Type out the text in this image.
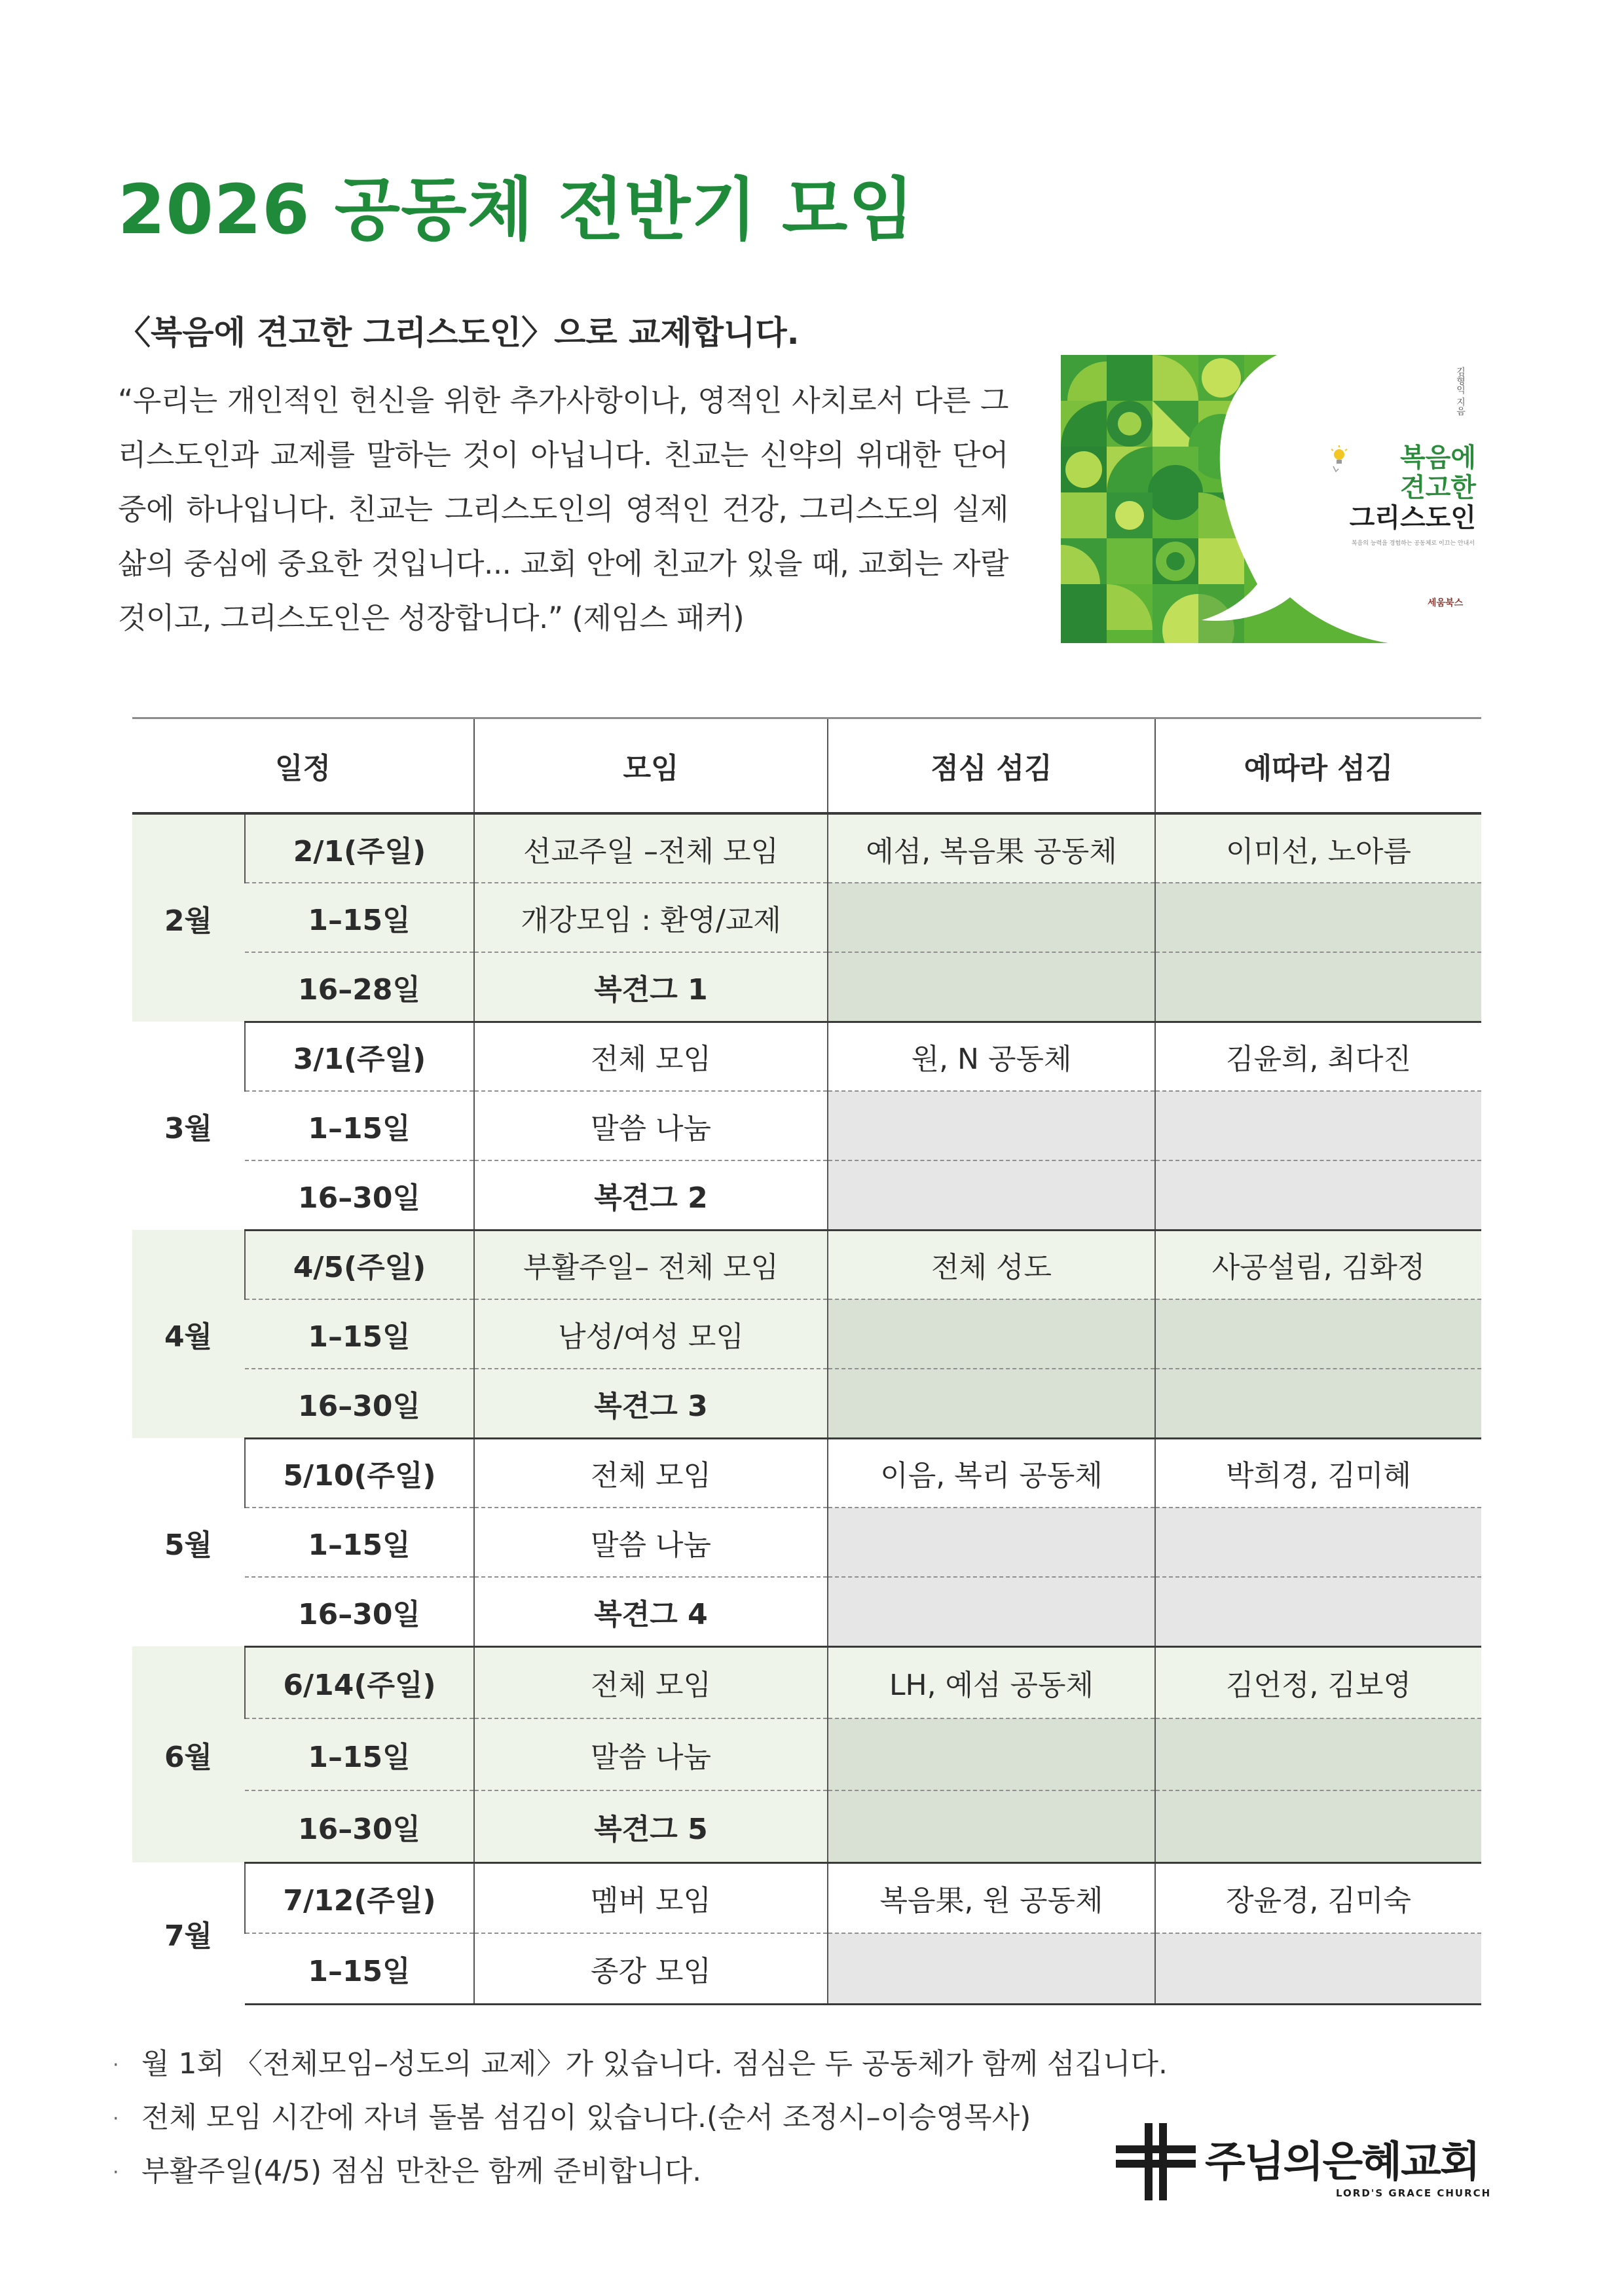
2026 공동체 전반기 모임
〈복음에 견고한 그리스도인〉으로 교제합니다.
“우리는 개인적인 헌신을 위한 추가사항이나, 영적인 사치로서 다른 그리스도인과 교제를 말하는 것이 아닙니다. 친교는 신약의 위대한 단어 중에 하나입니다. 친교는 그리스도인의 영적인 건강, 그리스도의 실제 삶의 중심에 중요한 것입니다... 교회 안에 친교가 있을 때, 교회는 자랄 것이고, 그리스도인은 성장합니다.” (제임스 패커)
김형익 지음
복음에
견고한
그리스도인
복음의 능력을 경험하는 공동체로 이끄는 안내서
세움북스
일정		모임	점심 섬김	예따라 섬김
2월	2/1(주일)	선교주일 –전체 모임	예섬, 복음果 공동체	이미선, 노아름
	1–15일	개강모임 : 환영/교제		
	16–28일	복견그 1		
3월	3/1(주일)	전체 모임	원, N 공동체	김윤희, 최다진
	1–15일	말씀 나눔		
	16–30일	복견그 2		
4월	4/5(주일)	부활주일– 전체 모임	전체 성도	사공설림, 김화정
	1–15일	남성/여성 모임		
	16–30일	복견그 3		
5월	5/10(주일)	전체 모임	이음, 복리 공동체	박희경, 김미혜
	1–15일	말씀 나눔		
	16–30일	복견그 4		
6월	6/14(주일)	전체 모임	LH, 예섬 공동체	김언정, 김보영
	1–15일	말씀 나눔		
	16–30일	복견그 5		
7월	7/12(주일)	멤버 모임	복음果, 원 공동체	장윤경, 김미숙
	1–15일	종강 모임		
· 월 1회 〈전체모임–성도의 교제〉가 있습니다. 점심은 두 공동체가 함께 섬깁니다.
· 전체 모임 시간에 자녀 돌봄 섬김이 있습니다.(순서 조정시–이승영목사)
· 부활주일(4/5) 점심 만찬은 함께 준비합니다.	주님의은혜교회
LORD'S GRACE CHURCH
